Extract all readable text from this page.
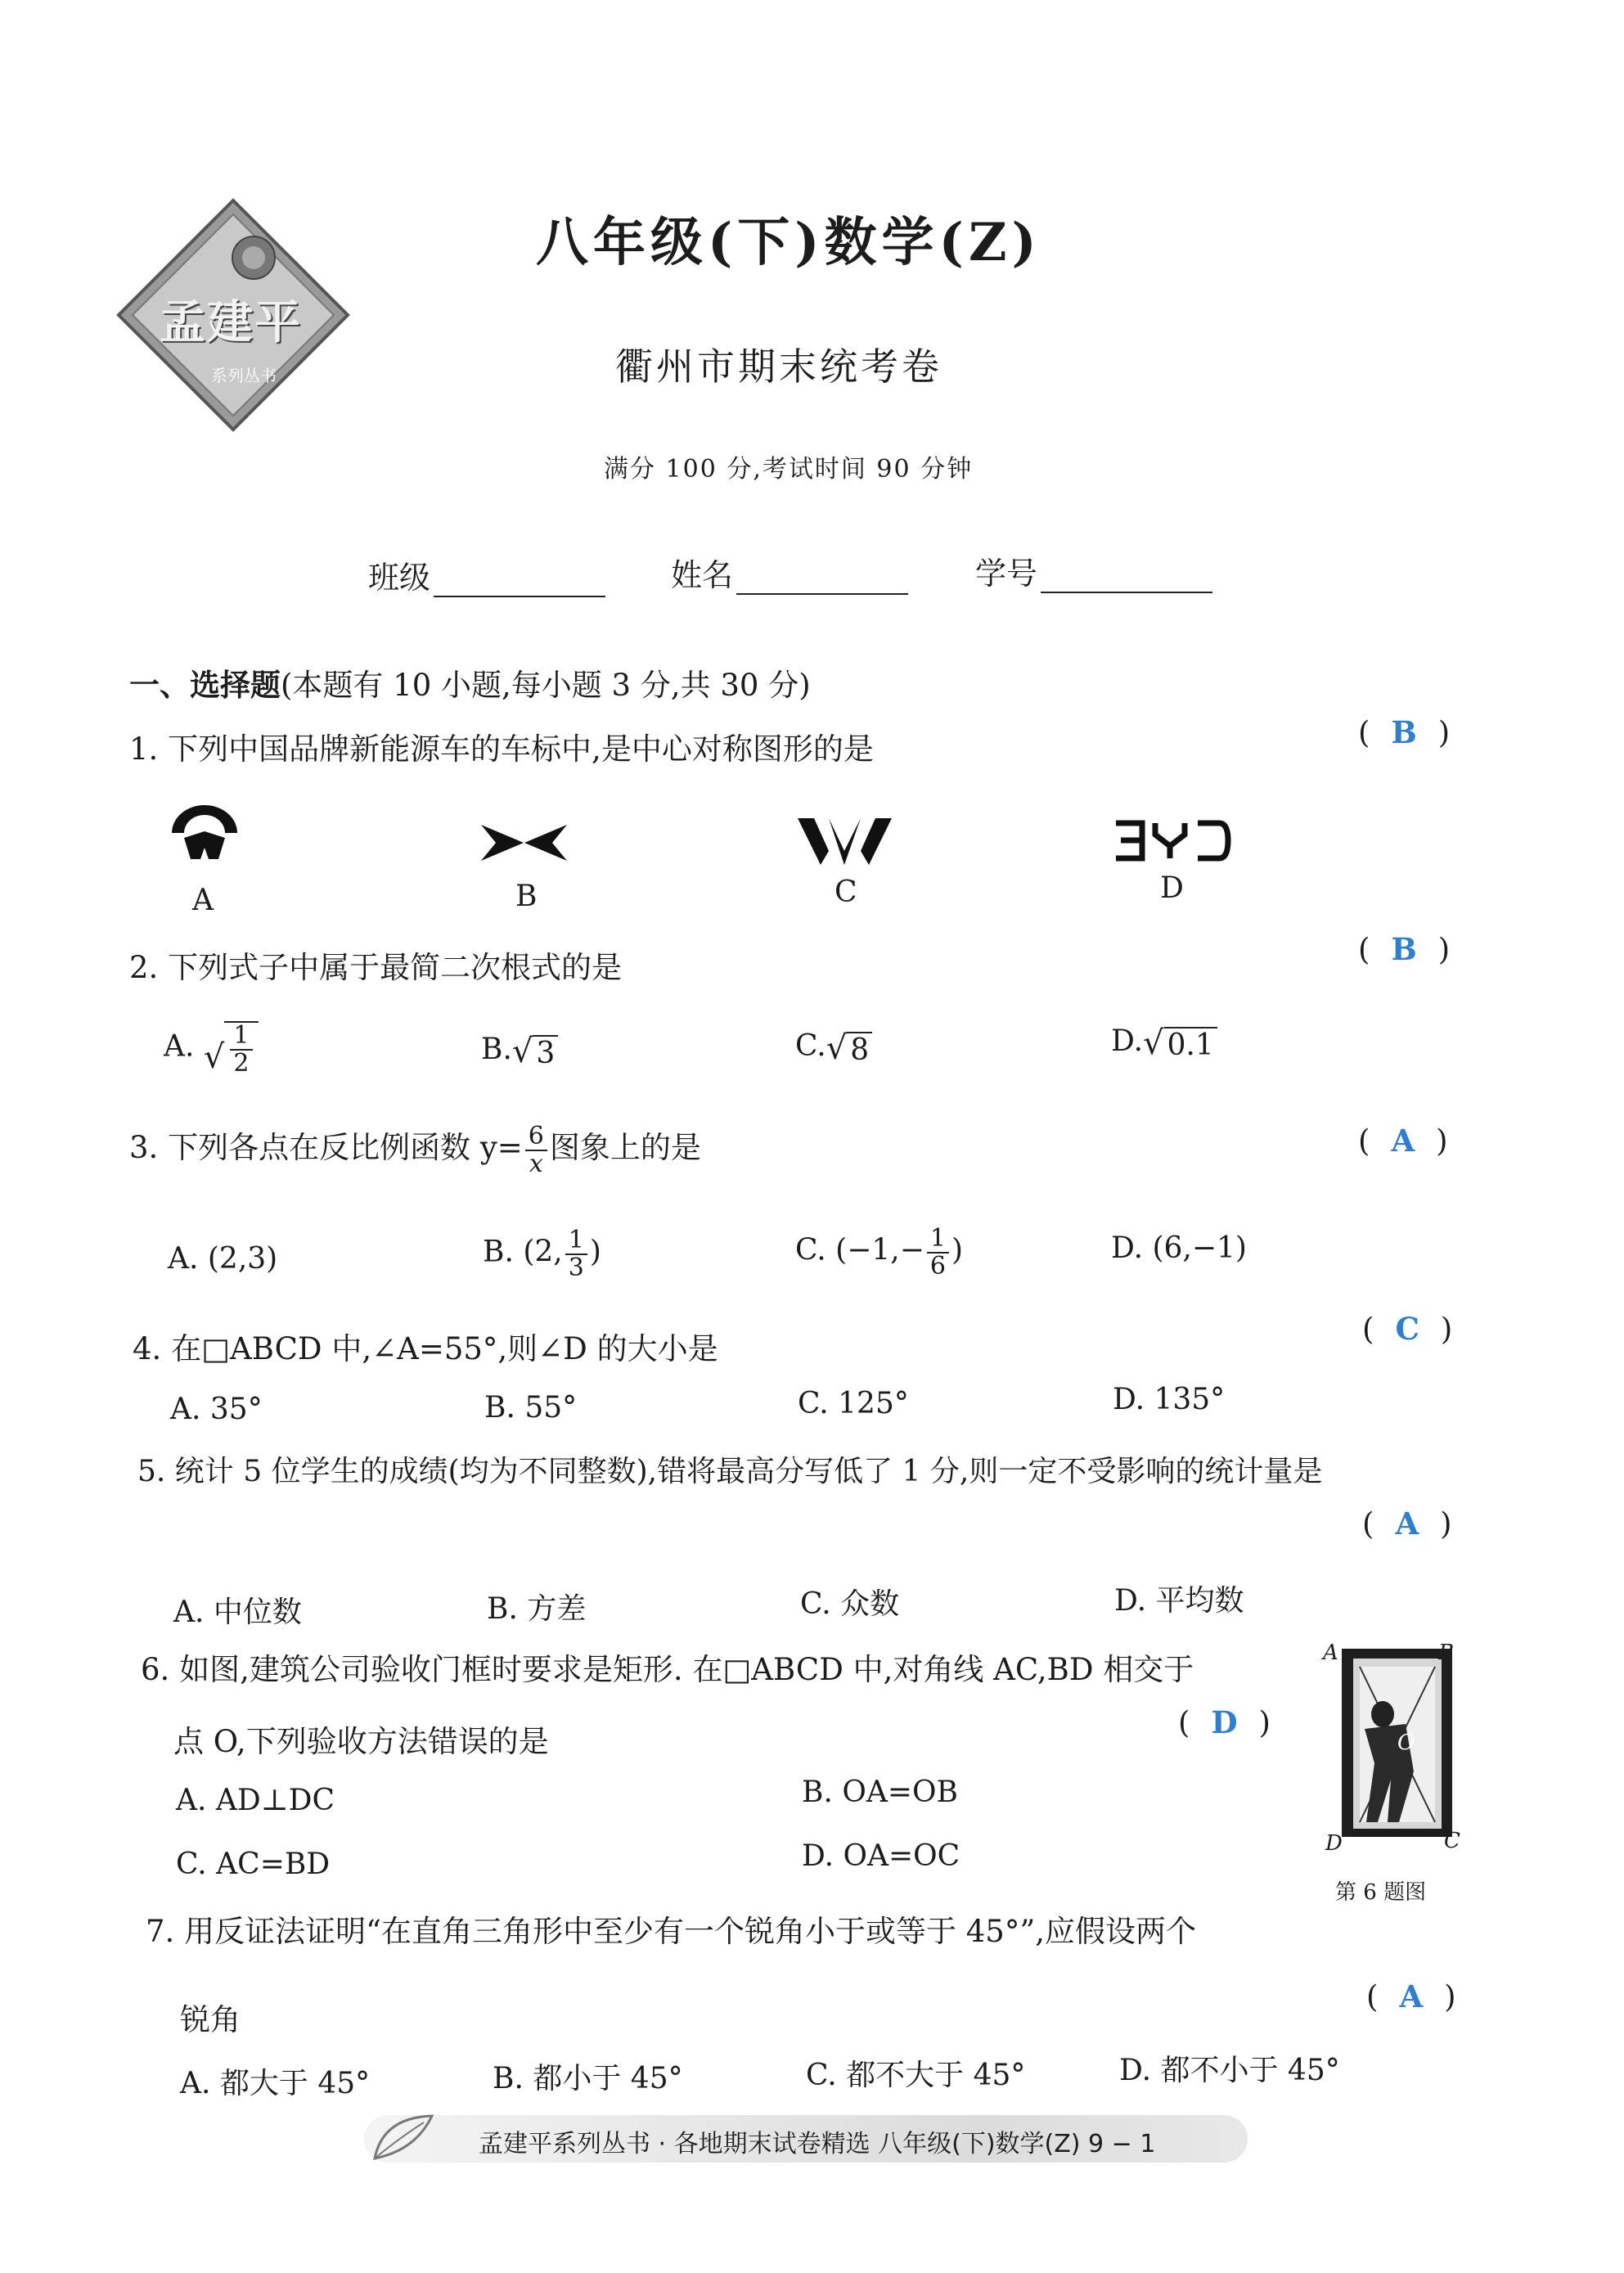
孟建平
系列丛书
八年级(下)数学(Z)
衢州市期末统考卷
满分 100 分,考试时间 90 分钟
班级	姓名	学号
一、选择题(本题有 10 小题,每小题 3 分,共 30 分)
1. 下列中国品牌新能源车的车标中,是中心对称图形的是	( B )
A	B	C	D
2. 下列式子中属于最简二次根式的是
( B )
A. √ $\frac{1}{2}$	B. √ 3	C. √ 8	D. √ 0.1
3. 下列各点在反比例函数 $y= \frac{6}{x}$ 图象上的是	( A )
A. (2,3)	B. (2, $\frac{1}{3}$ )	C. ($-1,- \frac{1}{6}$ )	D. (6,−1)
4. 在□ABCD 中,∠A=55°,则∠D 的大小是
( C )
A. 35°	B. 55°	C. 125°	D. 135°
5. 统计 5 位学生的成绩(均为不同整数),错将最高分写低了 1 分,则一定不受影响的统计量是
( A )
A. 中位数	B. 方差	C. 众数	D. 平均数
6. 如图,建筑公司验收门框时要求是矩形. 在□ABCD 中,对角线 AC,BD 相交于
点 O,下列验收方法错误的是
( D )
A. AD⊥DC	B. OA=OB
C. AC=BD	D. OA=OC
A	B
C
D
O
第 6 题图
7. 用反证法证明“在直角三角形中至少有一个锐角小于或等于 45°”,应假设两个
锐角
( A )
A. 都大于 45°	B. 都小于 45°	C. 都不大于 45°	D. 都不小于 45°
孟建平系列丛书 · 各地期末试卷精选 八年级(下)数学(Z) 9 − 1
